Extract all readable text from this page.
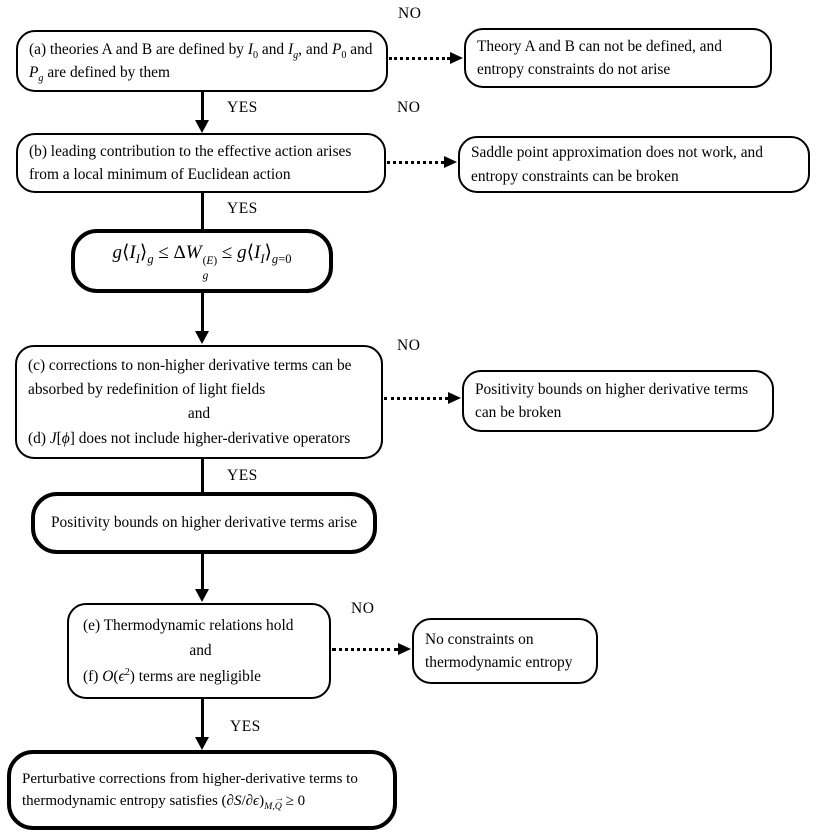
NO
(a) theories A and B are defined by $I_0$ and $I_g$, and $P_0$ and $P_g$ are defined by them
Theory A and B can not be defined, and entropy constraints do not arise
YES	NO
(b) leading contribution to the effective action arises from a local minimum of Euclidean action
Saddle point approximation does not work, and entropy constraints can be broken
YES
$g⟨I_I⟩_g \le \Delta W$ (E)
g
≤ $g⟨I_I⟩_{g=0}$
(c) corrections to non-higher derivative terms can be absorbed by redefinition of light fields
and
(d) J[ϕ] does not include higher-derivative operators
NO
Positivity bounds on higher derivative terms can be broken
YES
Positivity bounds on higher derivative terms arise
(e) Thermodynamic relations hold
and
(f) $O(\epsilon^2)$ terms are negligible
NO
No constraints on thermodynamic entropy
YES
Perturbative corrections from higher-derivative terms to
thermodynamic entropy satisfies $(\partial S/\partial\epsilon)_{M,Q} \ge 0$
